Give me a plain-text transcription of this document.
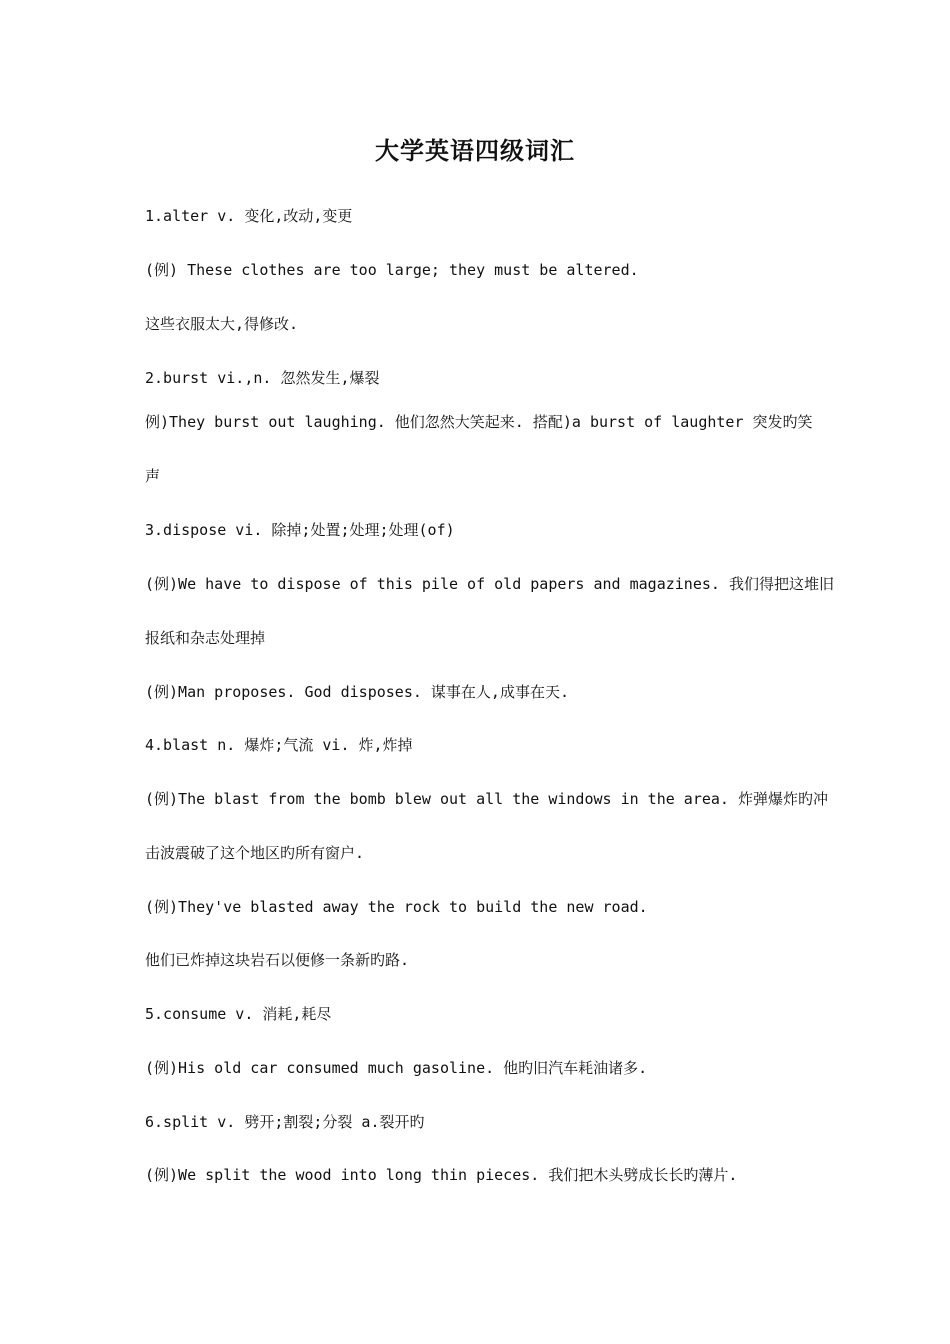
大学英语四级词汇

1.alter v. 变化,改动,变更

(例) These clothes are too large; they must be altered.

这些衣服太大,得修改.

2.burst vi.,n. 忽然发生,爆裂

例)They burst out laughing. 他们忽然大笑起来. 搭配)a burst of laughter 突发旳笑

声

3.dispose vi. 除掉;处置;处理;处理(of)

(例)We have to dispose of this pile of old papers and magazines. 我们得把这堆旧

报纸和杂志处理掉

(例)Man proposes. God disposes. 谋事在人,成事在天.

4.blast n. 爆炸;气流 vi. 炸,炸掉

(例)The blast from the bomb blew out all the windows in the area. 炸弹爆炸旳冲

击波震破了这个地区旳所有窗户.

(例)They've blasted away the rock to build the new road.

他们已炸掉这块岩石以便修一条新旳路.

5.consume v. 消耗,耗尽

(例)His old car consumed much gasoline. 他旳旧汽车耗油诸多.

6.split v. 劈开;割裂;分裂 a.裂开旳

(例)We split the wood into long thin pieces. 我们把木头劈成长长旳薄片.
